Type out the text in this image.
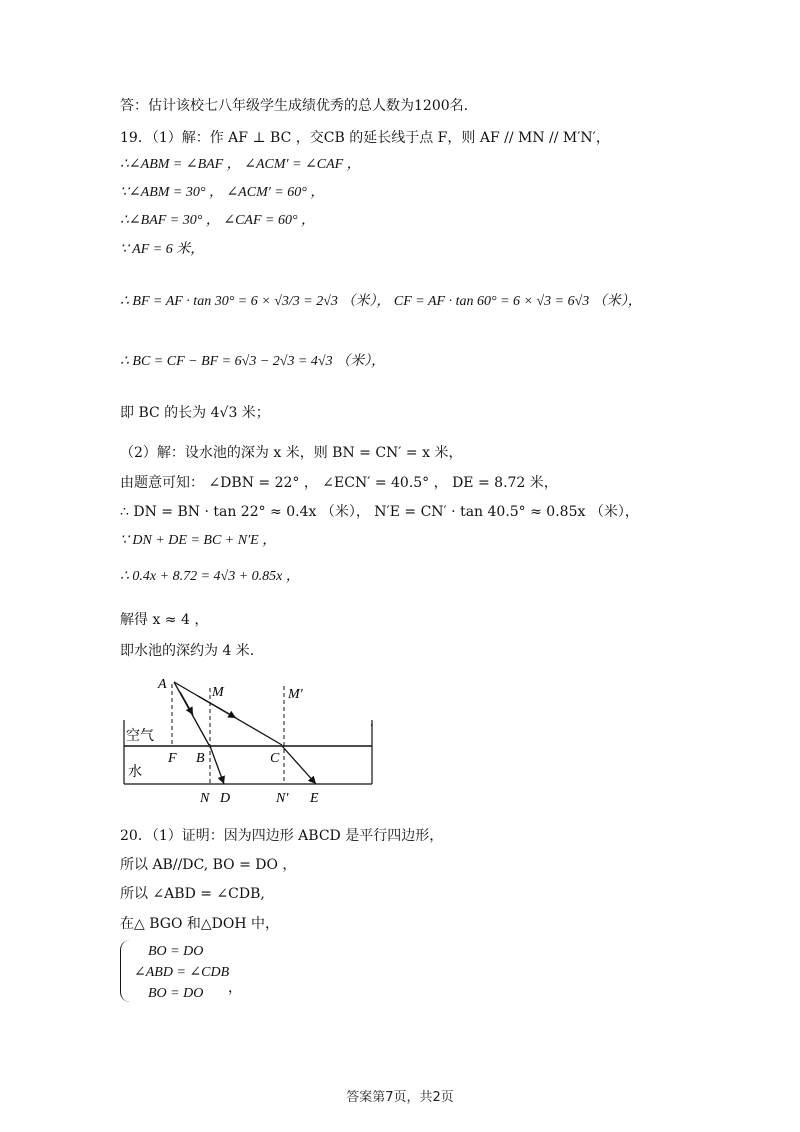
答：估计该校七八年级学生成绩优秀的总人数为1200名.
19．（1）解：作 AF ⊥ BC ，交CB 的延长线于点 F，则 AF // MN // M′N′，
∴∠ABM = ∠BAF ， ∠ACM′ = ∠CAF ，
∵∠ABM = 30° ， ∠ACM′ = 60° ，
∴∠BAF = 30° ， ∠CAF = 60° ，
∵ AF = 6 米，
∴ BF = AF · tan 30° = 6 × √3/3 = 2√3 （米）， CF = AF · tan 60° = 6 × √3 = 6√3 （米），
∴ BC = CF − BF = 6√3 − 2√3 = 4√3 （米），
即 BC 的长为 4√3 米；
（2）解：设水池的深为 x 米，则 BN = CN′ = x 米，
由题意可知： ∠DBN = 22° ， ∠ECN′ = 40.5° ， DE = 8.72 米，
∴ DN = BN · tan 22° ≈ 0.4x （米）， N′E = CN′ · tan 40.5° ≈ 0.85x （米），
∵ DN + DE = BC + N′E ，
∴ 0.4x + 8.72 = 4√3 + 0.85x ，
解得 x ≈ 4 ，
即水池的深约为 4 米.
20．（1）证明：因为四边形 ABCD 是平行四边形，
所以 AB//DC, BO = DO ，
所以 ∠ABD = ∠CDB,
在△ BGO 和△DOH 中，
BO = DO
∠ABD = ∠CDB
BO = DO ，
A
M	M′
空气
F B	C
水
N D	N′ E
.
答案第7页，共2页
